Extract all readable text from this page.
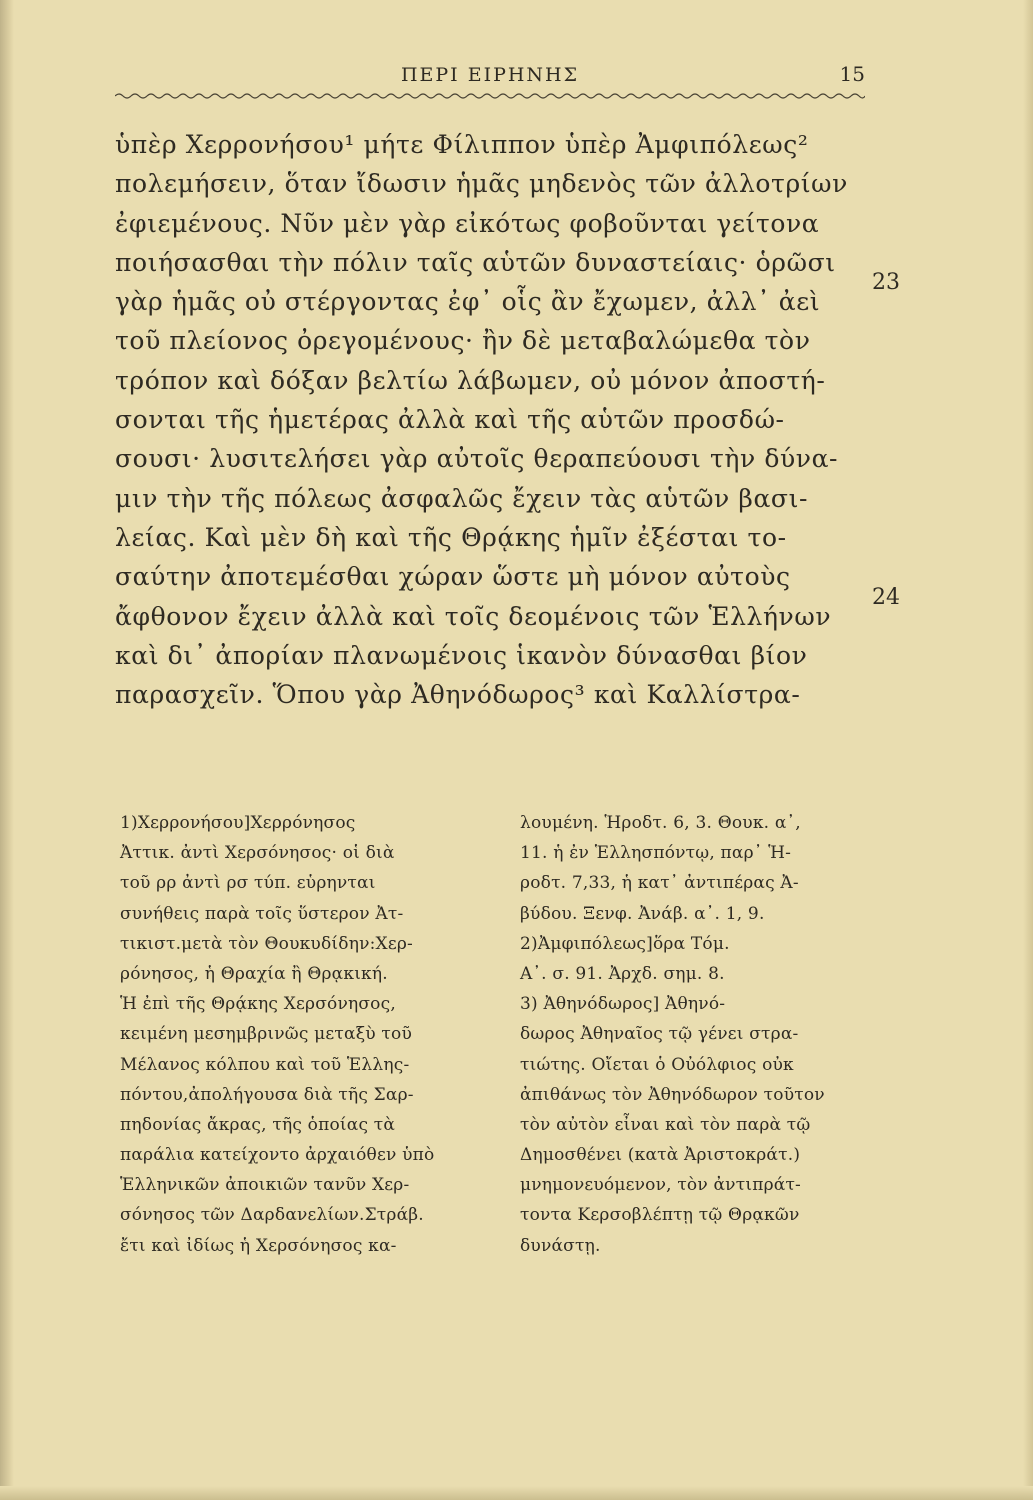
ΠΕΡΙ ΕΙΡΗΝΗΣ	15
ὑπὲρ Χερρονήσου¹ μήτε Φίλιππον ὑπὲρ Ἀμφιπόλεως²
πολεμήσειν, ὅταν ἴδωσιν ἡμᾶς μηδενὸς τῶν ἀλλοτρίων
ἐφιεμένους. Νῦν μὲν γὰρ εἰκότως φοβοῦνται γείτονα
ποιήσασθαι τὴν πόλιν ταῖς αὑτῶν δυναστείαις· ὁρῶσι
γὰρ ἡμᾶς οὐ στέργοντας ἐφ᾽ οἷς ἂν ἔχωμεν, ἀλλ᾽ ἀεὶ
τοῦ πλείονος ὀρεγομένους· ἢν δὲ μεταβαλώμεθα τὸν
τρόπον καὶ δόξαν βελτίω λάβωμεν, οὐ μόνον ἀποστή-
σονται τῆς ἡμετέρας ἀλλὰ καὶ τῆς αὑτῶν προσδώ-
σουσι· λυσιτελήσει γὰρ αὐτοῖς θεραπεύουσι τὴν δύνα-
μιν τὴν τῆς πόλεως ἀσφαλῶς ἔχειν τὰς αὑτῶν βασι-
λείας. Καὶ μὲν δὴ καὶ τῆς Θρᾴκης ἡμῖν ἐξέσται το-
σαύτην ἀποτεμέσθαι χώραν ὥστε μὴ μόνον αὐτοὺς
ἄφθονον ἔχειν ἀλλὰ καὶ τοῖς δεομένοις τῶν Ἑλλήνων
καὶ δι᾽ ἀπορίαν πλανωμένοις ἱκανὸν δύνασθαι βίον
παρασχεῖν. Ὅπου γὰρ Ἀθηνόδωρος³ καὶ Καλλίστρα-
23
24
1)Χερρονήσου]Χερρόνησος
Ἀττικ. ἀντὶ Χερσόνησος· οἱ διὰ
τοῦ ρρ ἀντὶ ρσ τύπ. εὑρηνται
συνήθεις παρὰ τοῖς ὕστερον Ἀτ-
τικιστ.μετὰ τὸν Θουκυδίδην:Χερ-
ρόνησος, ἡ Θραχία ἢ Θρᾳκική.
Ἡ ἐπὶ τῆς Θρᾴκης Χερσόνησος,
κειμένη μεσημβρινῶς μεταξὺ τοῦ
Μέλανος κόλπου καὶ τοῦ Ἑλλης-
πόντου,ἀπολήγουσα διὰ τῆς Σαρ-
πηδονίας ἄκρας, τῆς ὁποίας τὰ
παράλια κατείχοντο ἀρχαιόθεν ὑπὸ
Ἑλληνικῶν ἀποικιῶν τανῦν Χερ-
σόνησος τῶν Δαρδανελίων.Στράβ.
ἔτι καὶ ἰδίως ἡ Χερσόνησος κα-
λουμένη. Ἡροδτ. 6, 3. Θουκ. α᾽,
11. ἡ ἐν Ἑλλησπόντῳ, παρ᾽ Ἡ-
ροδτ. 7,33, ἡ κατ᾽ ἀντιπέρας Ἀ-
βύδου. Ξενφ. Ἀνάβ. α᾽. 1, 9.
2)Ἀμφιπόλεως]ὅρα Τόμ.
Α᾽. σ. 91. Ἀρχδ. σημ. 8.
3) Ἀθηνόδωρος] Ἀθηνό-
δωρος Ἀθηναῖος τῷ γένει στρα-
τιώτης. Οἴεται ὁ Οὐόλφιος οὐκ
ἀπιθάνως τὸν Ἀθηνόδωρον τοῦτον
τὸν αὐτὸν εἶναι καὶ τὸν παρὰ τῷ
Δημοσθένει (κατὰ Ἀριστοκράτ.)
μνημονευόμενον, τὸν ἀντιπράτ-
τοντα Κερσοβλέπτῃ τῷ Θρᾳκῶν
δυνάστῃ.
